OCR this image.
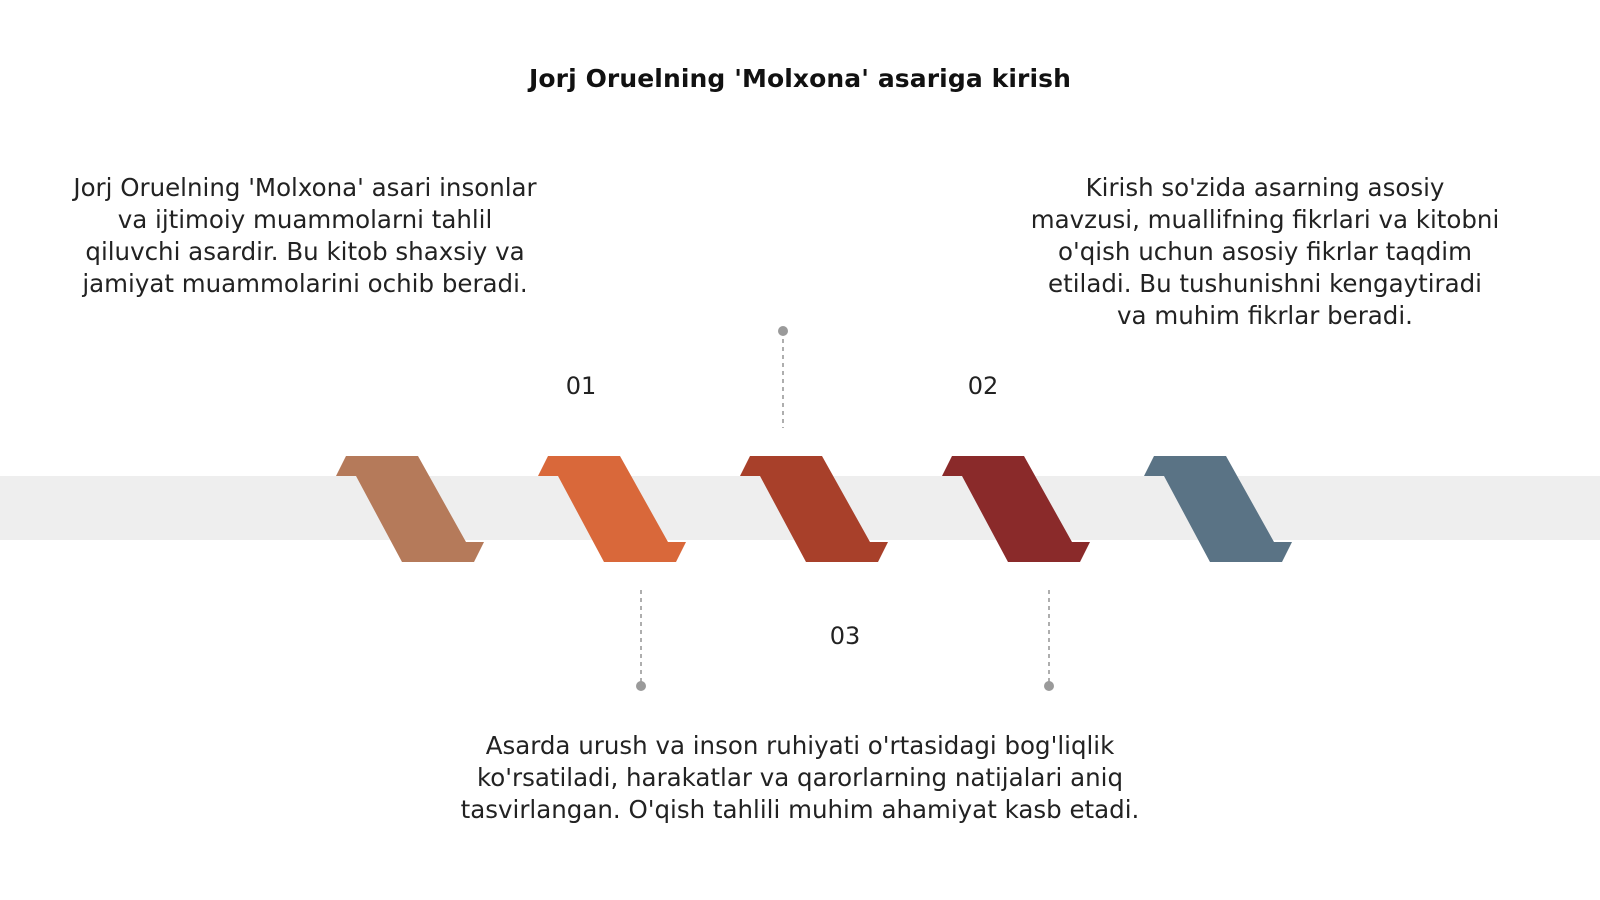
Jorj Oruelning 'Molxona' asariga kirish
01	02
03
Jorj Oruelning 'Molxona' asari insonlar va ijtimoiy muammolarni tahlil qiluvchi asardir. Bu kitob shaxsiy va jamiyat muammolarini ochib beradi.
Kirish so'zida asarning asosiy mavzusi, muallifning fikrlari va kitobni o'qish uchun asosiy fikrlar taqdim etiladi. Bu tushunishni kengaytiradi va muhim fikrlar beradi.
Asarda urush va inson ruhiyati o'rtasidagi bog'liqlik ko'rsatiladi, harakatlar va qarorlarning natijalari aniq tasvirlangan. O'qish tahlili muhim ahamiyat kasb etadi.
